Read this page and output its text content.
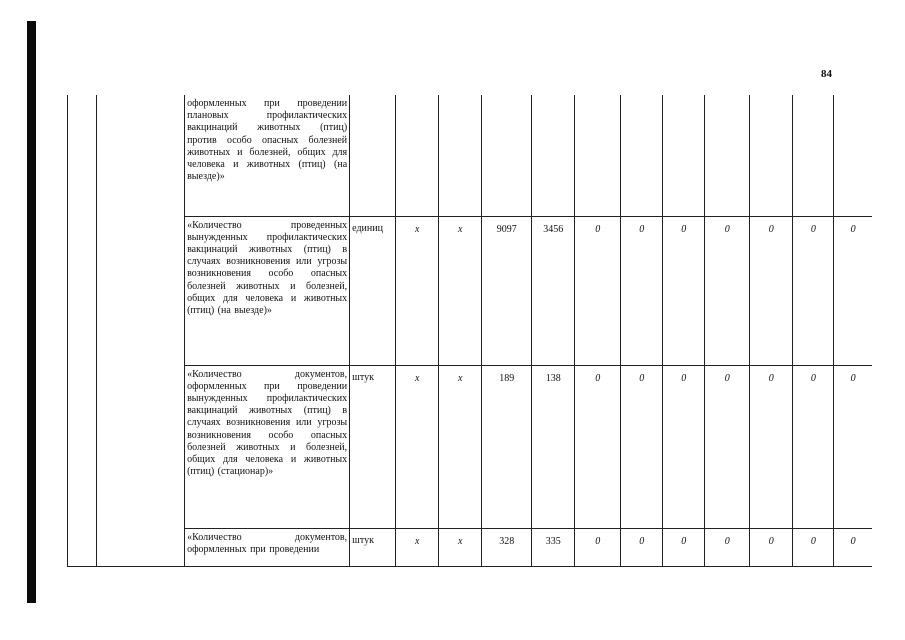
84
		оформленных при проведении плановых профилактических вакцинаций животных (птиц) против особо опасных болезней животных и болезней, общих для человека и животных (птиц) (на выезде)»												
		«Количество проведенных вынужденных профилактических вакцинаций животных (птиц) в случаях возникновения или угрозы возникновения особо опасных болезней животных и болезней, общих для человека и животных (птиц) (на выезде)»	единиц	x	x	9097	3456	0	0	0	0	0	0	0
		«Количество документов, оформленных при проведении вынужденных профилактических вакцинаций животных (птиц) в случаях возникновения или угрозы возникновения особо опасных болезней животных и болезней, общих для человека и животных (птиц) (стационар)»	штук	x	x	189	138	0	0	0	0	0	0	0
		«Количество документов, оформленных при проведении	штук	x	x	328	335	0	0	0	0	0	0	0
